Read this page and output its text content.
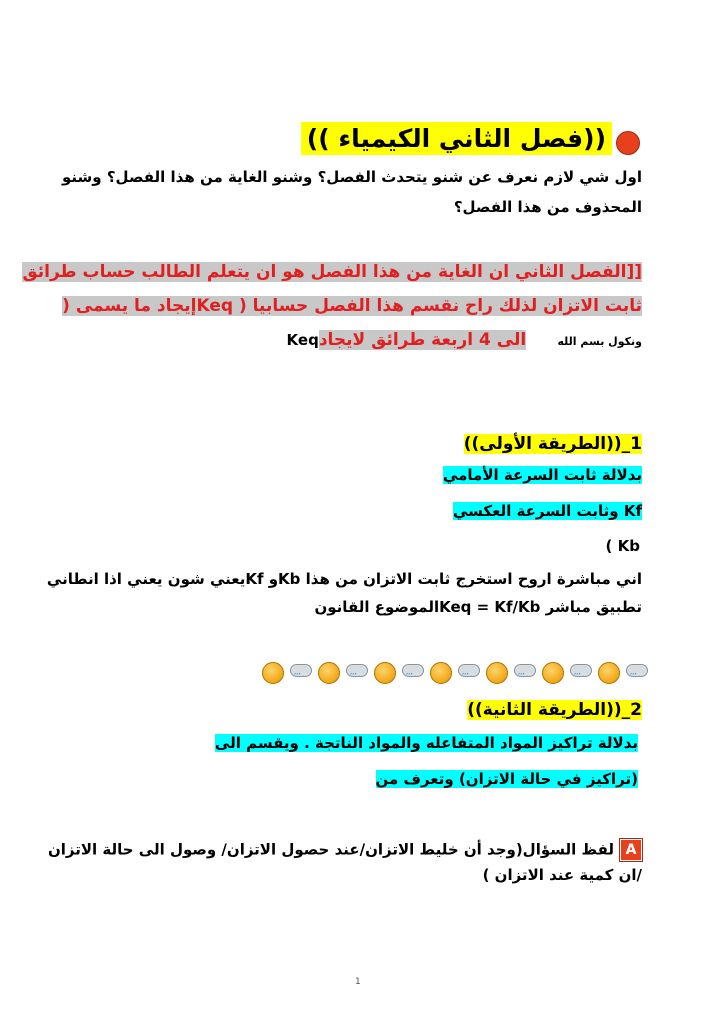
((فصل الثاني الكيمياء ))
اول شي لازم نعرف عن شنو يتحدث الفصل؟ وشنو الغاية من هذا الفصل؟ وشنو
المحذوف من هذا الفصل؟
[[الفصل الثاني ان الغاية من هذا الفصل هو ان يتعلم الطالب حساب طرائق
ثابت الاتزان لذلك راح نقسم هذا الفصل حسابيا ( Keqإيجاد ما يسمى (
ونكول بسم الله      الى 4 اربعة طرائق لايجادKeq
1_((الطريقة الأولى))
بدلالة ثابت السرعة الأمامي
Kf وثابت السرعة العكسي
Kb )
اني مباشرة اروح استخرج ثابت الاتزان من هذا Kbو Kfيعني شون يعني اذا انطاني
تطبيق مباشر Keq = Kf/Kbالموضوع القانون
′′′
′′′
′′′
′′′
′′′
′′′
′′′
2_((الطريقة الثانية))
بدلالة تراكيز المواد المتفاعله والمواد الناتجة . ويقسم الى
(تراكيز في حالة الاتزان) وتعرف من
Aلفظ السؤال(وجد أن خليط الاتزان/عند حصول الاتزان/ وصول الى حالة الاتزان
/ان كمية عند الاتزان )
1
